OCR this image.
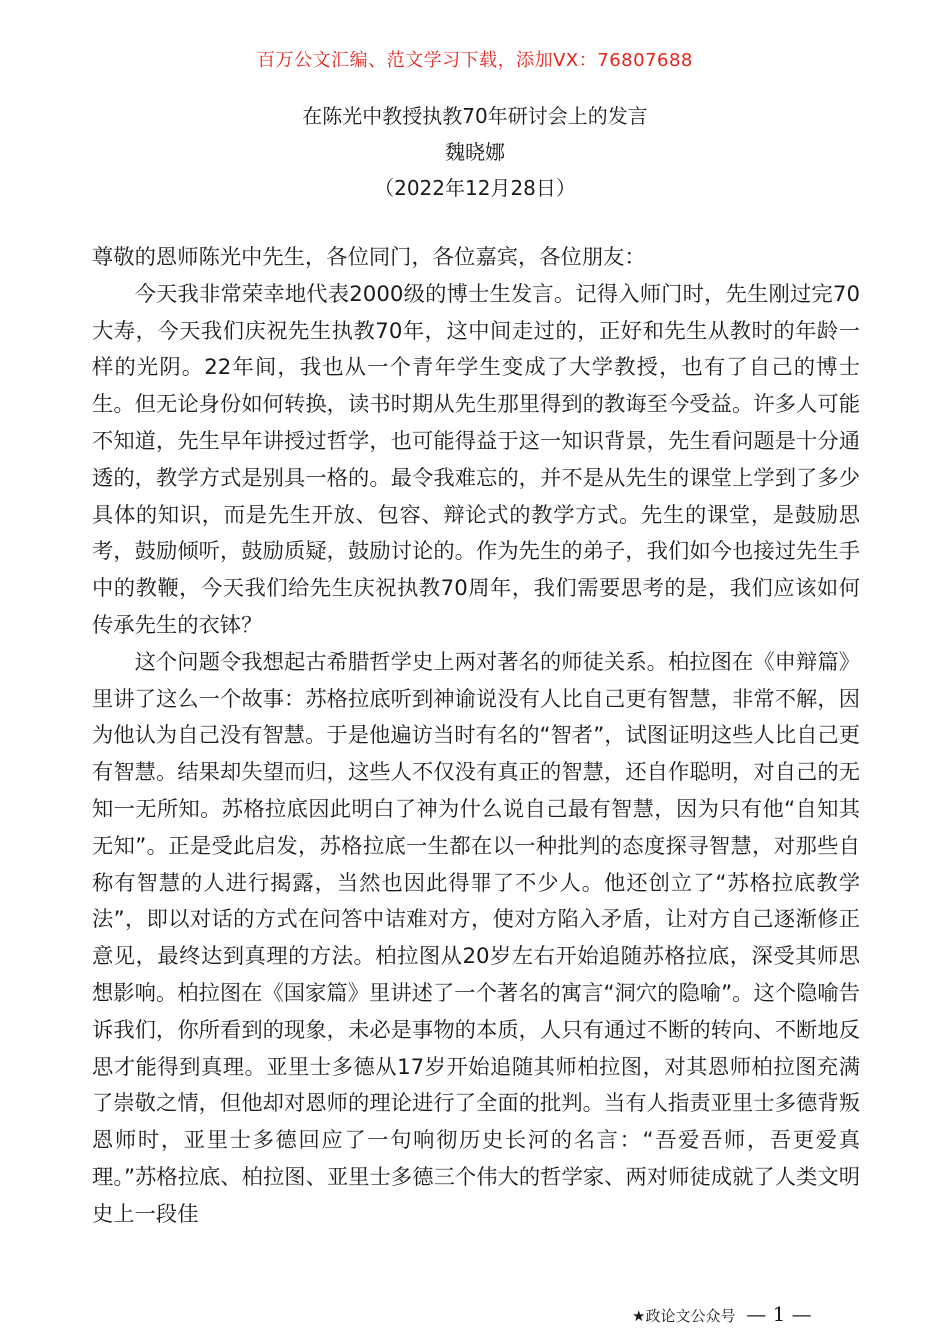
百万公文汇编、范文学习下载，添加VX：76807688
在陈光中教授执教70年研讨会上的发言
魏晓娜
（2022年12月28日）

尊敬的恩师陈光中先生，各位同门，各位嘉宾，各位朋友：

今天我非常荣幸地代表2000级的博士生发言。记得入师门时，先生刚过完70大寿，今天我们庆祝先生执教70年，这中间走过的，正好和先生从教时的年龄一样的光阴。22年间，我也从一个青年学生变成了大学教授，也有了自己的博士生。但无论身份如何转换，读书时期从先生那里得到的教诲至今受益。许多人可能不知道，先生早年讲授过哲学，也可能得益于这一知识背景，先生看问题是十分通透的，教学方式是别具一格的。最令我难忘的，并不是从先生的课堂上学到了多少具体的知识，而是先生开放、包容、辩论式的教学方式。先生的课堂，是鼓励思考，鼓励倾听，鼓励质疑，鼓励讨论的。作为先生的弟子，我们如今也接过先生手中的教鞭，今天我们给先生庆祝执教70周年，我们需要思考的是，我们应该如何传承先生的衣钵？

这个问题令我想起古希腊哲学史上两对著名的师徒关系。柏拉图在《申辩篇》里讲了这么一个故事：苏格拉底听到神谕说没有人比自己更有智慧，非常不解，因为他认为自己没有智慧。于是他遍访当时有名的“智者”，试图证明这些人比自己更有智慧。结果却失望而归，这些人不仅没有真正的智慧，还自作聪明，对自己的无知一无所知。苏格拉底因此明白了神为什么说自己最有智慧，因为只有他“自知其无知”。正是受此启发，苏格拉底一生都在以一种批判的态度探寻智慧，对那些自称有智慧的人进行揭露，当然也因此得罪了不少人。他还创立了“苏格拉底教学法”，即以对话的方式在问答中诘难对方，使对方陷入矛盾，让对方自己逐渐修正意见，最终达到真理的方法。柏拉图从20岁左右开始追随苏格拉底，深受其师思想影响。柏拉图在《国家篇》里讲述了一个著名的寓言“洞穴的隐喻”。这个隐喻告诉我们，你所看到的现象，未必是事物的本质，人只有通过不断的转向、不断地反思才能得到真理。亚里士多德从17岁开始追随其师柏拉图，对其恩师柏拉图充满了崇敬之情，但他却对恩师的理论进行了全面的批判。当有人指责亚里士多德背叛恩师时，亚里士多德回应了一句响彻历史长河的名言：“吾爱吾师，吾更爱真理。”苏格拉底、柏拉图、亚里士多德三个伟大的哲学家、两对师徒成就了人类文明史上一段佳

★政论文公众号 — 1 —
